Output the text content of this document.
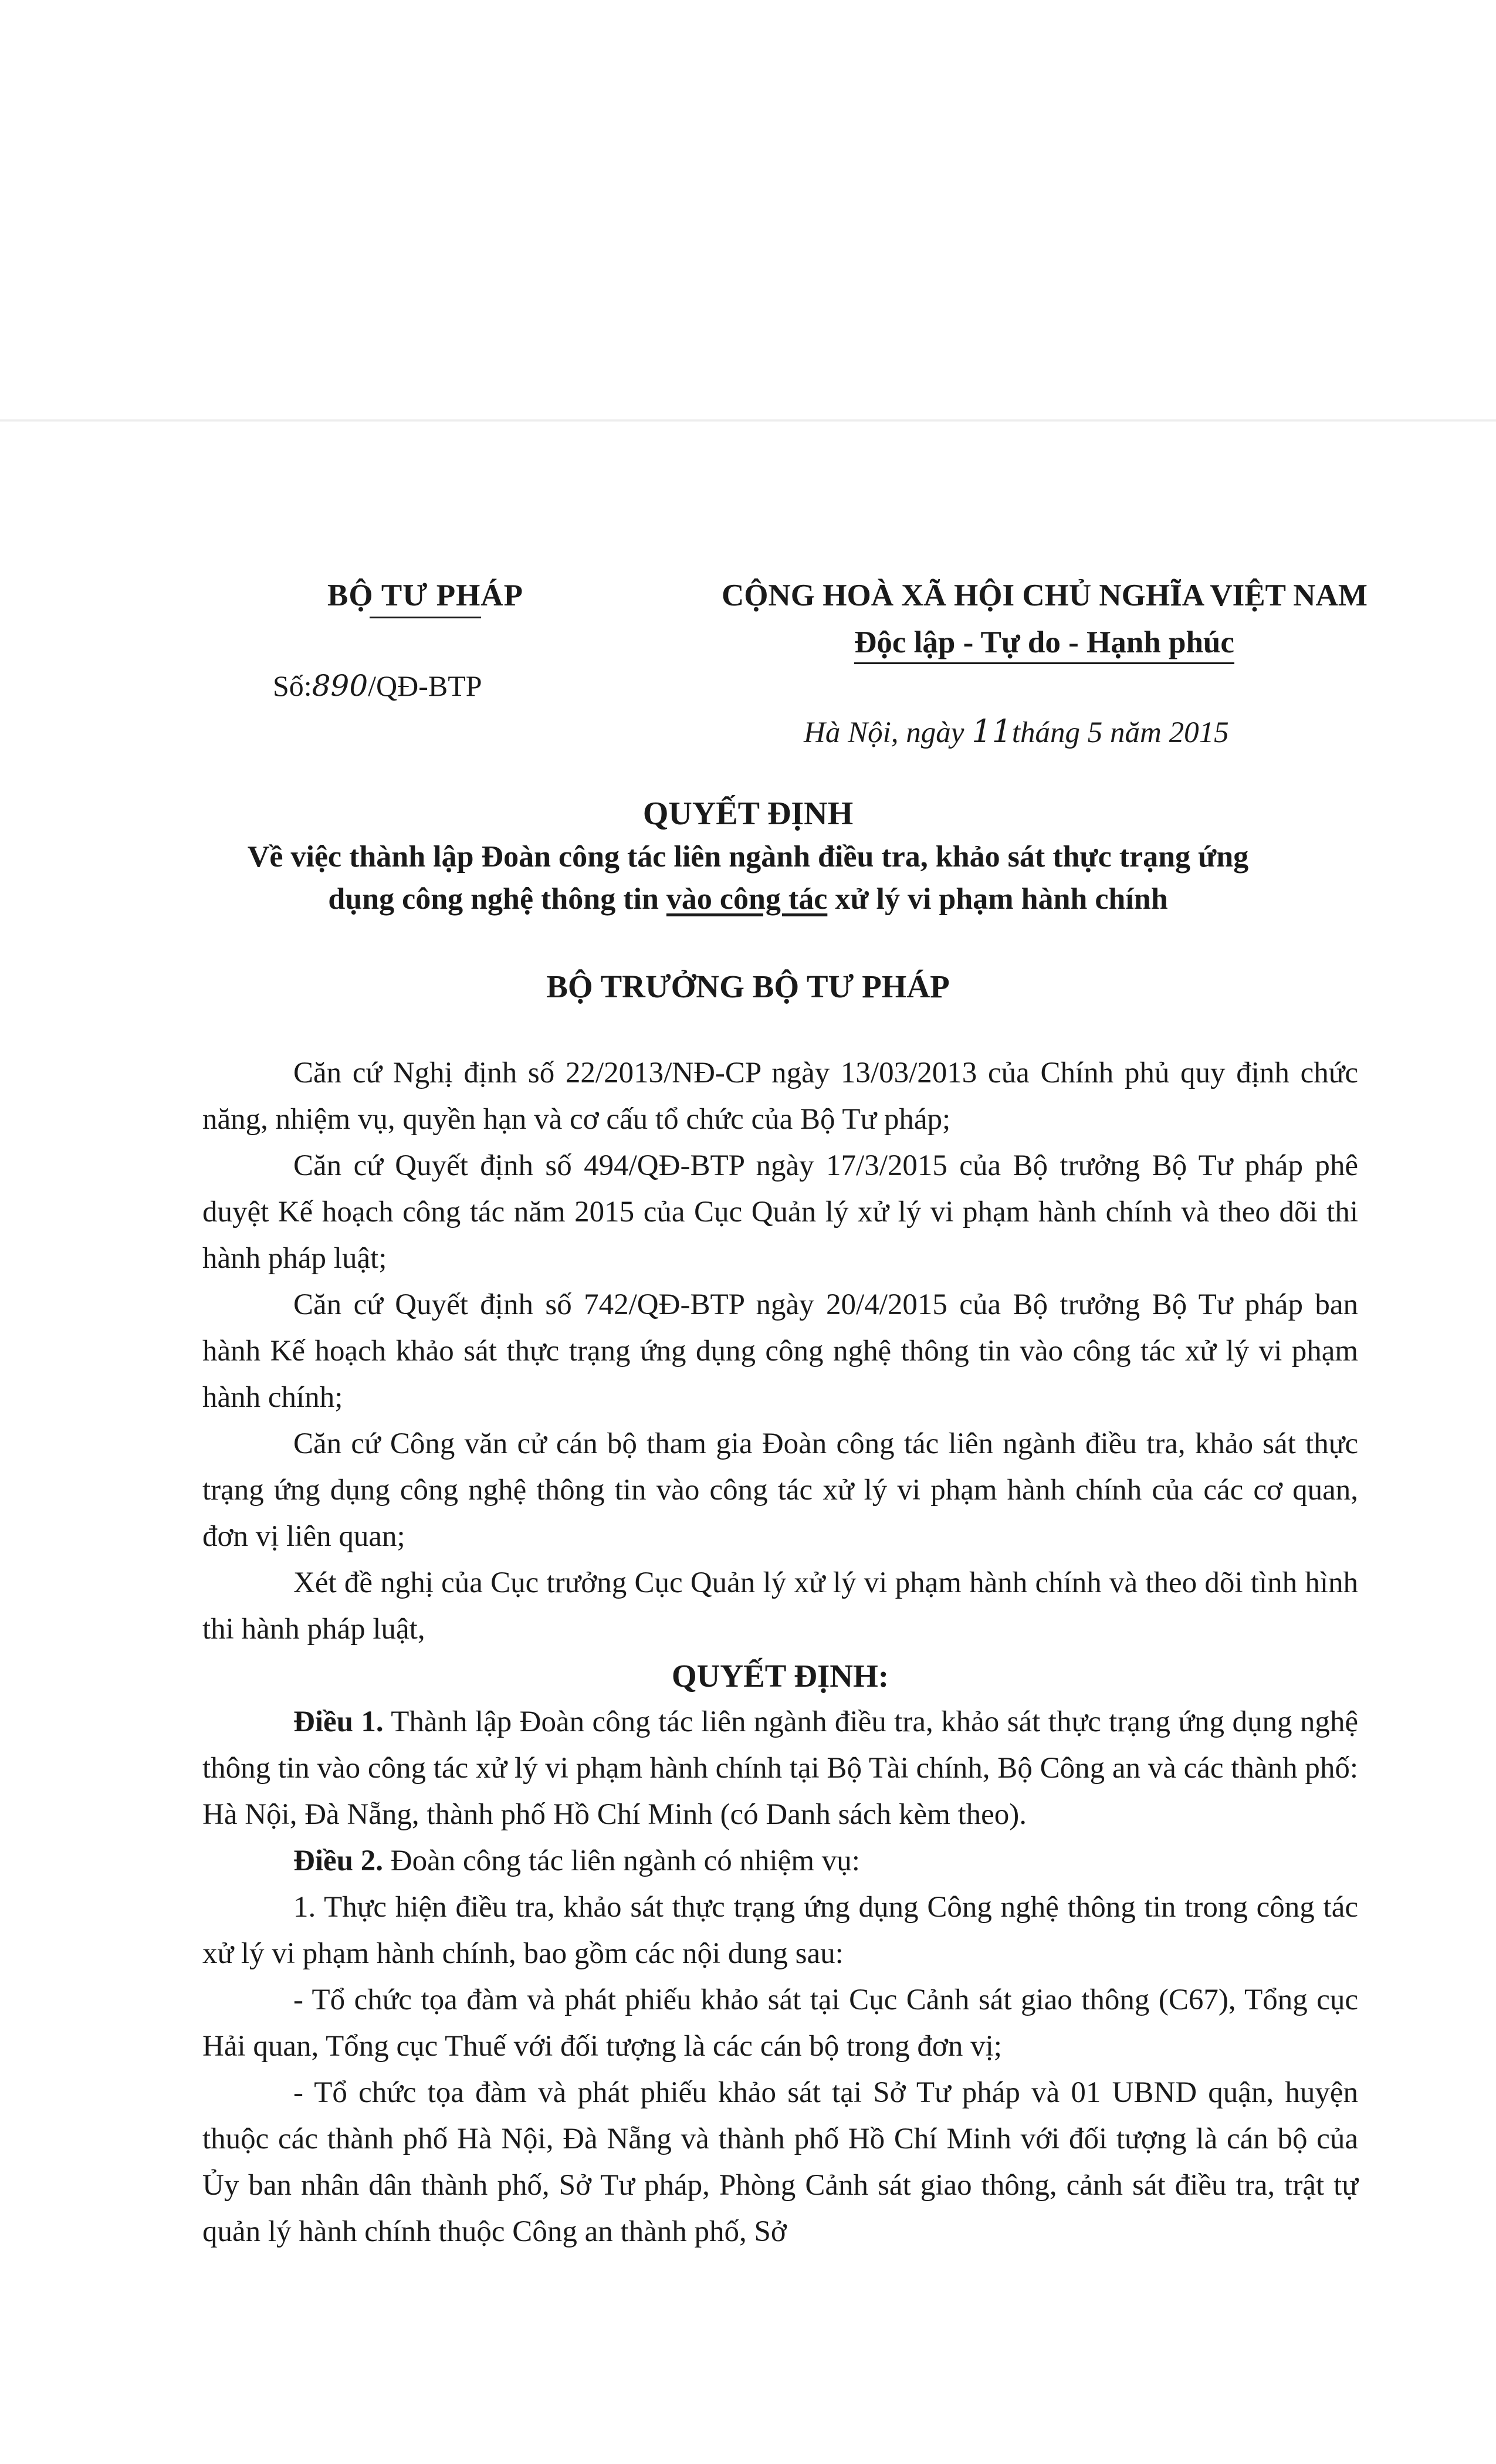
BỘ TƯ PHÁP
Số:890/QĐ-BTP
CỘNG HOÀ XÃ HỘI CHỦ NGHĨA VIỆT NAM
Độc lập - Tự do - Hạnh phúc
Hà Nội, ngày 11tháng 5 năm 2015
QUYẾT ĐỊNH
Về việc thành lập Đoàn công tác liên ngành điều tra, khảo sát thực trạng ứng
dụng công nghệ thông tin vào công tác xử lý vi phạm hành chính
BỘ TRƯỞNG BỘ TƯ PHÁP

Căn cứ Nghị định số 22/2013/NĐ-CP ngày 13/03/2013 của Chính phủ quy định chức năng, nhiệm vụ, quyền hạn và cơ cấu tổ chức của Bộ Tư pháp;

Căn cứ Quyết định số 494/QĐ-BTP ngày 17/3/2015 của Bộ trưởng Bộ Tư pháp phê duyệt Kế hoạch công tác năm 2015 của Cục Quản lý xử lý vi phạm hành chính và theo dõi thi hành pháp luật;

Căn cứ Quyết định số 742/QĐ-BTP ngày 20/4/2015 của Bộ trưởng Bộ Tư pháp ban hành Kế hoạch khảo sát thực trạng ứng dụng công nghệ thông tin vào công tác xử lý vi phạm hành chính;

Căn cứ Công văn cử cán bộ tham gia Đoàn công tác liên ngành điều tra, khảo sát thực trạng ứng dụng công nghệ thông tin vào công tác xử lý vi phạm hành chính của các cơ quan, đơn vị liên quan;

Xét đề nghị của Cục trưởng Cục Quản lý xử lý vi phạm hành chính và theo dõi tình hình thi hành pháp luật,

QUYẾT ĐỊNH:

Điều 1. Thành lập Đoàn công tác liên ngành điều tra, khảo sát thực trạng ứng dụng nghệ thông tin vào công tác xử lý vi phạm hành chính tại Bộ Tài chính, Bộ Công an và các thành phố: Hà Nội, Đà Nẵng, thành phố Hồ Chí Minh (có Danh sách kèm theo).

Điều 2. Đoàn công tác liên ngành có nhiệm vụ:

1. Thực hiện điều tra, khảo sát thực trạng ứng dụng Công nghệ thông tin trong công tác xử lý vi phạm hành chính, bao gồm các nội dung sau:

- Tổ chức tọa đàm và phát phiếu khảo sát tại Cục Cảnh sát giao thông (C67), Tổng cục Hải quan, Tổng cục Thuế với đối tượng là các cán bộ trong đơn vị;

- Tổ chức tọa đàm và phát phiếu khảo sát tại Sở Tư pháp và 01 UBND quận, huyện thuộc các thành phố Hà Nội, Đà Nẵng và thành phố Hồ Chí Minh với đối tượng là cán bộ của Ủy ban nhân dân thành phố, Sở Tư pháp, Phòng Cảnh sát giao thông, cảnh sát điều tra, trật tự quản lý hành chính thuộc Công an thành phố, Sở
